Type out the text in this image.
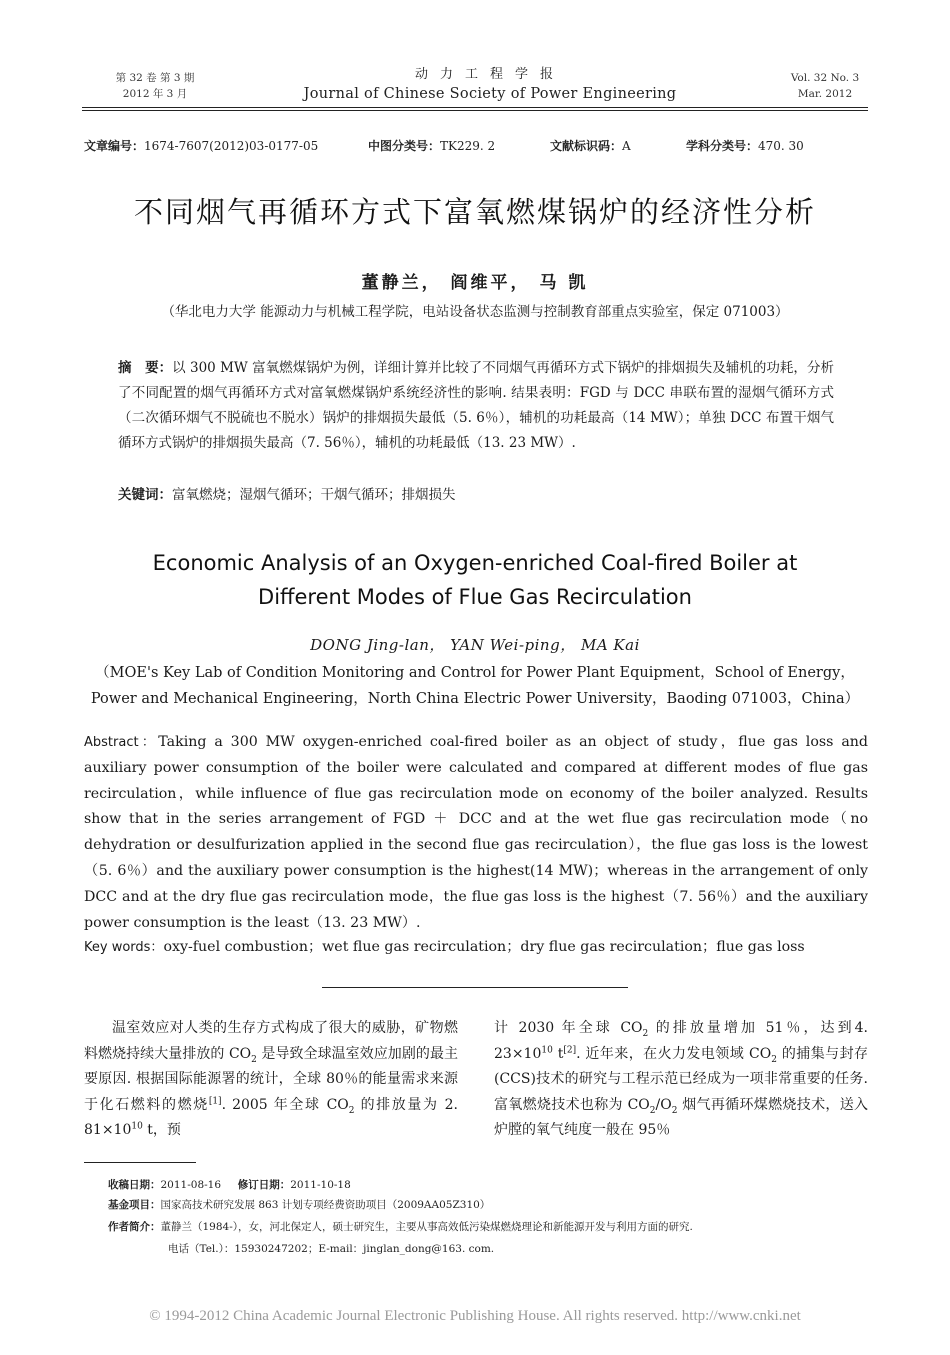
第 32 卷 第 3 期
2012 年 3 月
动力工程学报
Journal of Chinese Society of Power Engineering
Vol. 32 No. 3
Mar. 2012
文章编号：1674-7607(2012)03-0177-05	中图分类号：TK229. 2	文献标识码：A	学科分类号：470. 30
不同烟气再循环方式下富氧燃煤锅炉的经济性分析
董静兰， 阎维平， 马 凯
（华北电力大学 能源动力与机械工程学院，电站设备状态监测与控制教育部重点实验室，保定 071003）
摘　要：以 300 MW 富氧燃煤锅炉为例，详细计算并比较了不同烟气再循环方式下锅炉的排烟损失及辅机的功耗，分析了不同配置的烟气再循环方式对富氧燃煤锅炉系统经济性的影响. 结果表明：FGD 与 DCC 串联布置的湿烟气循环方式（二次循环烟气不脱硫也不脱水）锅炉的排烟损失最低（5. 6％），辅机的功耗最高（14 MW）；单独 DCC 布置干烟气循环方式锅炉的排烟损失最高（7. 56％），辅机的功耗最低（13. 23 MW）.
关键词：富氧燃烧；湿烟气循环；干烟气循环；排烟损失
Economic Analysis of an Oxygen-enriched Coal-fired Boiler at
Different Modes of Flue Gas Recirculation
DONG Jing-lan， YAN Wei-ping， MA Kai
（MOE's Key Lab of Condition Monitoring and Control for Power Plant Equipment，School of Energy，
Power and Mechanical Engineering，North China Electric Power University，Baoding 071003，China）
Abstract：Taking a 300 MW oxygen-enriched coal-fired boiler as an object of study，flue gas loss and auxiliary power consumption of the boiler were calculated and compared at different modes of flue gas recirculation，while influence of flue gas recirculation mode on economy of the boiler analyzed. Results show that in the series arrangement of FGD ＋ DCC and at the wet flue gas recirculation mode（no dehydration or desulfurization applied in the second flue gas recirculation），the flue gas loss is the lowest（5. 6％）and the auxiliary power consumption is the highest(14 MW)；whereas in the arrangement of only DCC and at the dry flue gas recirculation mode，the flue gas loss is the highest（7. 56％）and the auxiliary power consumption is the least（13. 23 MW）.
Key words：oxy-fuel combustion；wet flue gas recirculation；dry flue gas recirculation；flue gas loss
温室效应对人类的生存方式构成了很大的威胁，矿物燃料燃烧持续大量排放的 $CO_2$ 是导致全球温室效应加剧的最主要原因. 根据国际能源署的统计，全球 80％的能量需求来源于化石燃料的燃烧[1]. 2005 年全球 $CO_2$ 的排放量为 2. $81\times 10^{10}$ t，预
计 2030 年全球 $CO_2$ 的排放量增加 51％，达到4. $23\times 10^{10}$ t[2]. 近年来，在火力发电领域 $CO_2$ 的捕集与封存(CCS)技术的研究与工程示范已经成为一项非常重要的任务. 富氧燃烧技术也称为 $CO_2/O_2$ 烟气再循环煤燃烧技术，送入炉膛的氧气纯度一般在 95％
收稿日期：2011-08-16 修订日期：2011-10-18
基金项目：国家高技术研究发展 863 计划专项经费资助项目（2009AA05Z310）
作者简介：董静兰（1984-），女，河北保定人，硕士研究生，主要从事高效低污染煤燃烧理论和新能源开发与利用方面的研究.
电话（Tel.）：15930247202；E-mail：jinglan_dong@163. com.
© 1994-2012 China Academic Journal Electronic Publishing House. All rights reserved. http://www.cnki.net
